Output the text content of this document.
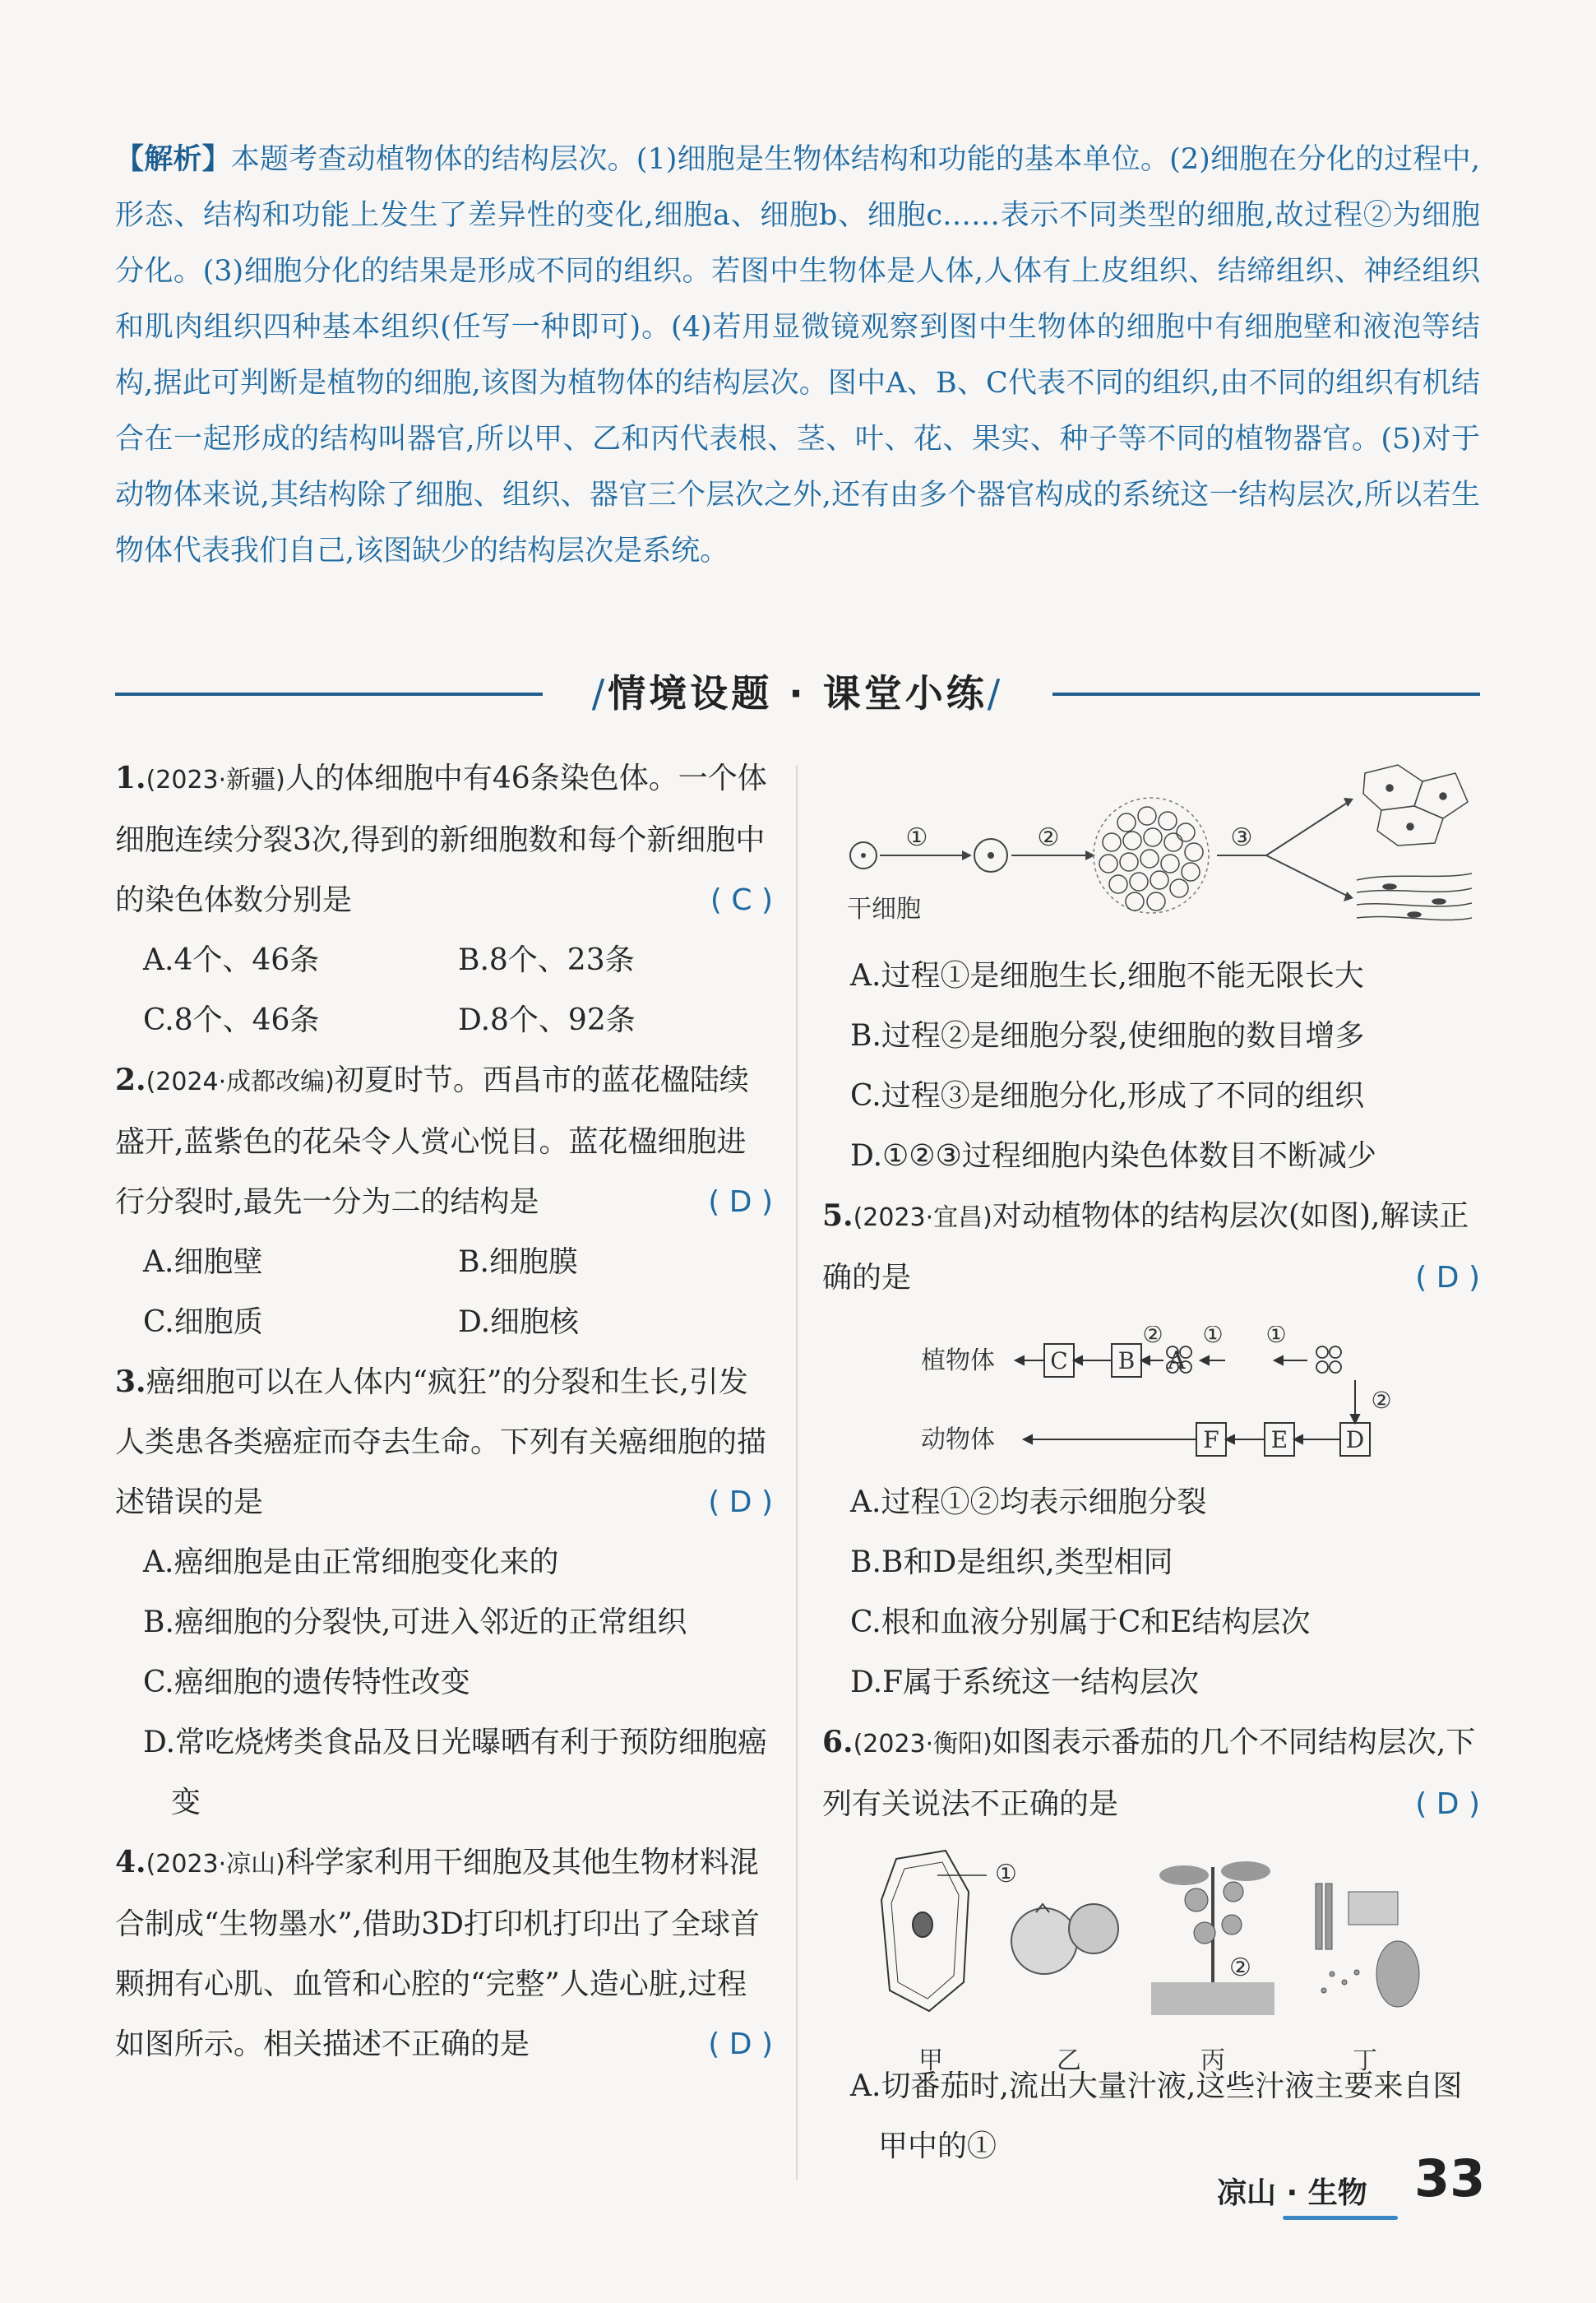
【解析】本题考查动植物体的结构层次。(1)细胞是生物体结构和功能的基本单位。(2)细胞在分化的过程中,形态、结构和功能上发生了差异性的变化,细胞a、细胞b、细胞c……表示不同类型的细胞,故过程②为细胞分化。(3)细胞分化的结果是形成不同的组织。若图中生物体是人体,人体有上皮组织、结缔组织、神经组织和肌肉组织四种基本组织(任写一种即可)。(4)若用显微镜观察到图中生物体的细胞中有细胞壁和液泡等结构,据此可判断是植物的细胞,该图为植物体的结构层次。图中A、B、C代表不同的组织,由不同的组织有机结合在一起形成的结构叫器官,所以甲、乙和丙代表根、茎、叶、花、果实、种子等不同的植物器官。(5)对于动物体来说,其结构除了细胞、组织、器官三个层次之外,还有由多个器官构成的系统这一结构层次,所以若生物体代表我们自己,该图缺少的结构层次是系统。
/情境设题 · 课堂小练/
1.(2023·新疆)人的体细胞中有46条染色体。一个体细胞连续分裂3次,得到的新细胞数和每个新细胞中的染色体数分别是	( C )
A.4个、46条	B.8个、23条
C.8个、46条	D.8个、92条
2.(2024·成都改编)初夏时节。西昌市的蓝花楹陆续盛开,蓝紫色的花朵令人赏心悦目。蓝花楹细胞进行分裂时,最先一分为二的结构是	( D )
A.细胞壁	B.细胞膜
C.细胞质	D.细胞核
3.癌细胞可以在人体内“疯狂”的分裂和生长,引发人类患各类癌症而夺去生命。下列有关癌细胞的描述错误的是	( D )
A.癌细胞是由正常细胞变化来的
B.癌细胞的分裂快,可进入邻近的正常组织
C.癌细胞的遗传特性改变
D.常吃烧烤类食品及日光曝晒有利于预防细胞癌变
4.(2023·凉山)科学家利用干细胞及其他生物材料混合制成“生物墨水”,借助3D打印机打印出了全球首颗拥有心肌、血管和心腔的“完整”人造心脏,过程如图所示。相关描述不正确的是	( D )
①	②	③
干细胞
A.过程①是细胞生长,细胞不能无限长大
B.过程②是细胞分裂,使细胞的数目增多
C.过程③是细胞分化,形成了不同的组织
D.①②③过程细胞内染色体数目不断减少
5.(2023·宜昌)对动植物体的结构层次(如图),解读正确的是	( D )
A.过程①②均表示细胞分裂
B.B和D是组织,类型相同
C.根和血液分别属于C和E结构层次
D.F属于系统这一结构层次
6.(2023·衡阳)如图表示番茄的几个不同结构层次,下列有关说法不正确的是	( D )
A.切番茄时,流出大量汁液,这些汁液主要来自图甲中的①
植物体	A
动物体
C B
D
E
F
② ① ①
②
①
②
甲	乙	丙	丁
凉山 · 生物 33
